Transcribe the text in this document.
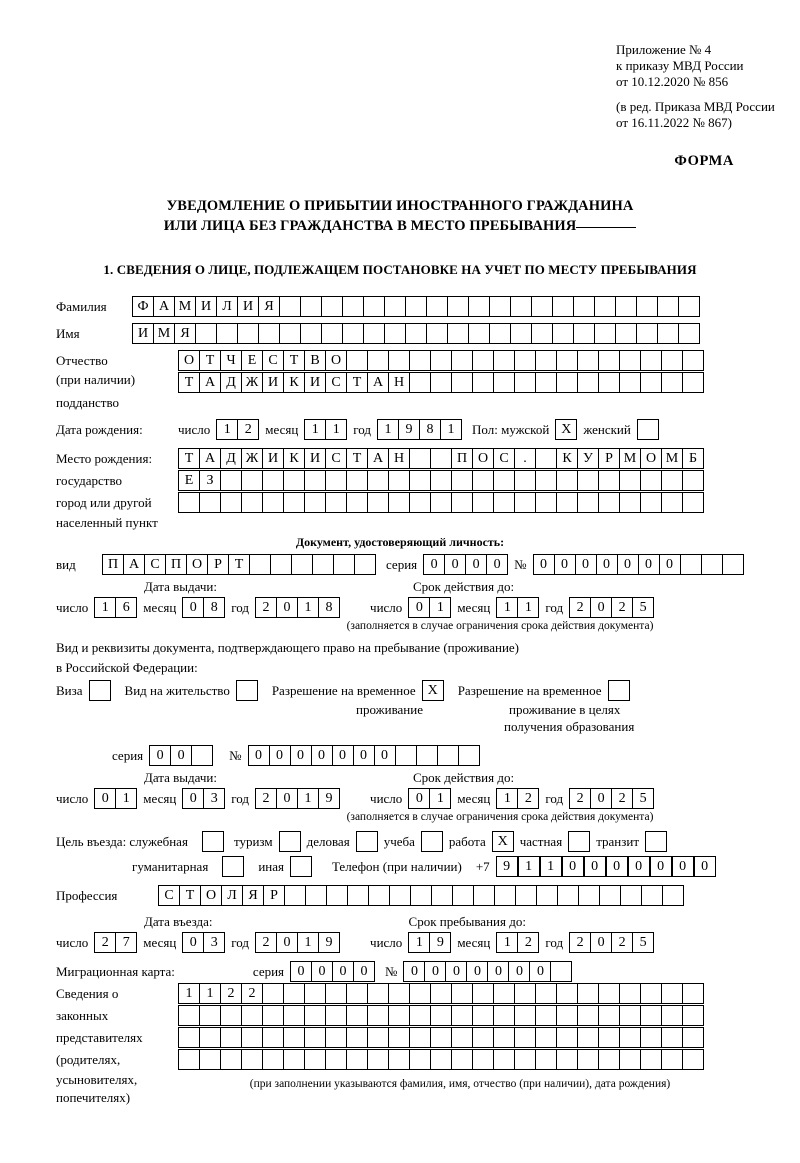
Приложение № 4
к приказу МВД России
от 10.12.2020 № 856
(в ред. Приказа МВД России
от 16.11.2022 № 867)
ФОРМА
УВЕДОМЛЕНИЕ О ПРИБЫТИИ ИНОСТРАННОГО ГРАЖДАНИНА
ИЛИ ЛИЦА БЕЗ ГРАЖДАНСТВА В МЕСТО ПРЕБЫВАНИЯ
1. СВЕДЕНИЯ О ЛИЦЕ, ПОДЛЕЖАЩЕМ ПОСТАНОВКЕ НА УЧЕТ ПО МЕСТУ ПРЕБЫВАНИЯ
Фамилия	Ф А М И Л И Я
Имя	И М Я
Отчество	О Т Ч Е С Т В О
(при наличии)	Т А Д Ж И К И С Т А Н
подданство
Дата рождения:	число 1	2	месяц 1	1	год 1	9	8	1	Пол: мужской Х женский
Место рождения:	Т А Д Ж И К И С Т А Н	П О С	.	К У Р М О М Б
государство	Е З
город или другой
населенный пункт
Документ, удостоверяющий личность:
вид	П А С П О Р Т	серия 0	0	0	0	№ 0	0	0	0	0	0	0
Дата выдачи:	Срок действия до:
число 1	6	месяц 0	8	год 2	0	1	8	число 0	1	месяц 1	1	год 2	0	2	5
(заполняется в случае ограничения срока действия документа)
Вид и реквизиты документа, подтверждающего право на пребывание (проживание)
в Российской Федерации:
Виза	Вид на жительство	Разрешение на временное Х	Разрешение на временное
проживание	проживание в целях
получения образования
серия 0	0	№ 0	0	0	0	0	0	0
Дата выдачи:	Срок действия до:
число 0	1	месяц 0	3	год 2	0	1	9	число 0	1	месяц 1	2	год 2	0	2	5
(заполняется в случае ограничения срока действия документа)
Цель въезда: служебная	туризм	деловая	учеба	работа Х частная	транзит
гуманитарная	иная	Телефон (при наличии) +7 9	1	1	0	0	0	0	0	0	0
Профессия	С Т О Л Я Р
Дата въезда:	Срок пребывания до:
число 2	7	месяц 0	3	год 2	0	1	9	число 1	9	месяц 1	2	год 2	0	2	5
Миграционная карта:	серия 0	0	0	0	№ 0	0	0	0	0	0	0
Сведения о	1	1	2	2
законных
представителях
(родителях,
усыновителях,
попечителях)
(при заполнении указываются фамилия, имя, отчество (при наличии), дата рождения)
